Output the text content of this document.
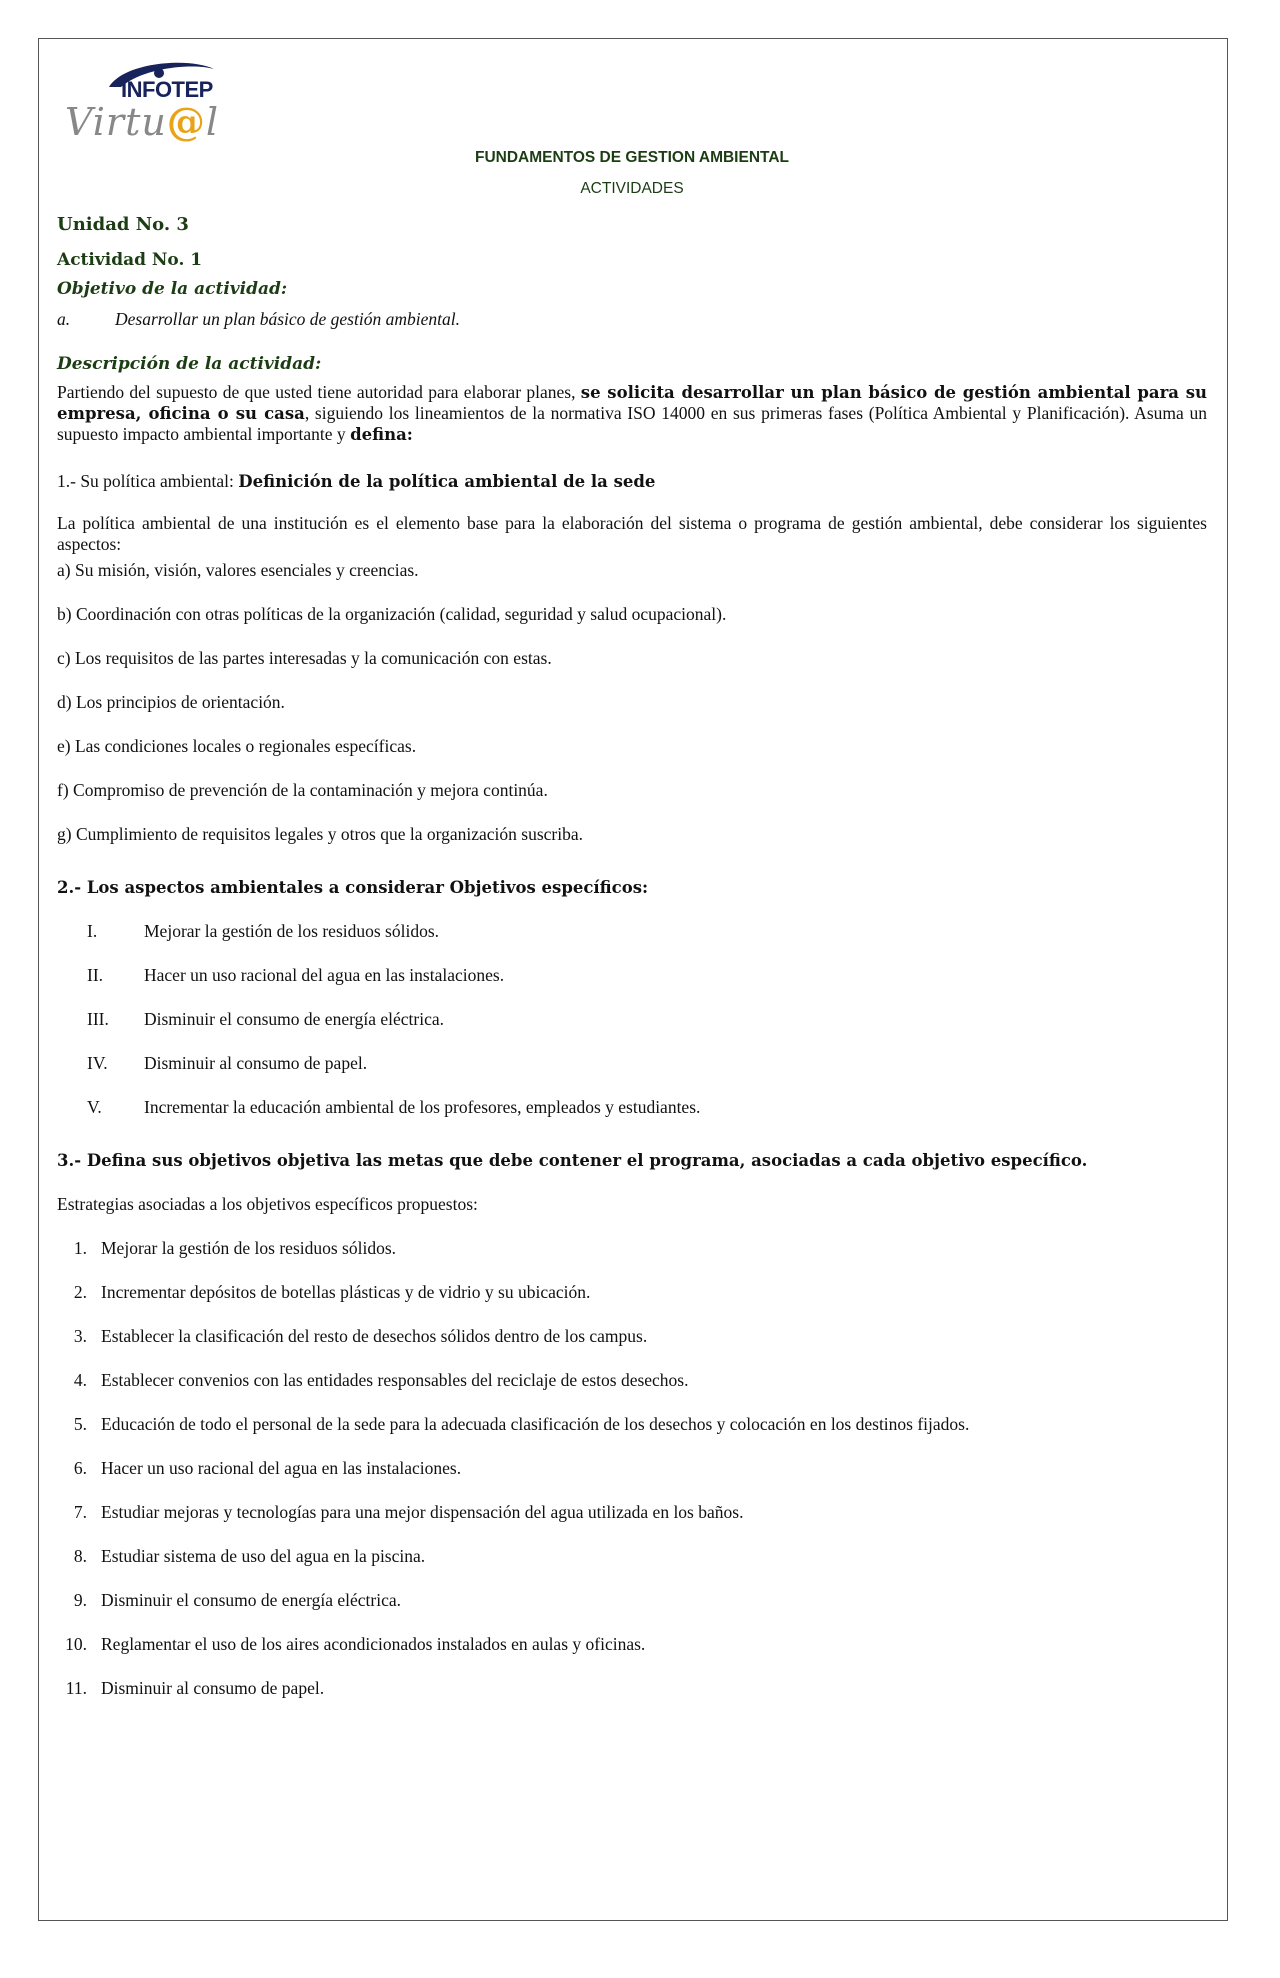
INFOTEP
Virtu@l
FUNDAMENTOS DE GESTION AMBIENTAL
ACTIVIDADES
Unidad No. 3
Actividad No. 1
Objetivo de la actividad:
a.	Desarrollar un plan básico de gestión ambiental.
Descripción de la actividad:
Partiendo del supuesto de que usted tiene autoridad para elaborar planes, se solicita desarrollar un plan básico de gestión ambiental para su empresa, oficina o su casa, siguiendo los lineamientos de la normativa ISO 14000 en sus primeras fases (Política Ambiental y Planificación). Asuma un supuesto impacto ambiental importante y defina:
1.- Su política ambiental: Definición de la política ambiental de la sede
La política ambiental de una institución es el elemento base para la elaboración del sistema o programa de gestión ambiental, debe considerar los siguientes aspectos:
a) Su misión, visión, valores esenciales y creencias.
b) Coordinación con otras políticas de la organización (calidad, seguridad y salud ocupacional).
c) Los requisitos de las partes interesadas y la comunicación con estas.
d) Los principios de orientación.
e) Las condiciones locales o regionales específicas.
f) Compromiso de prevención de la contaminación y mejora continúa.
g) Cumplimiento de requisitos legales y otros que la organización suscriba.
2.- Los aspectos ambientales a considerar Objetivos específicos:
I.	Mejorar la gestión de los residuos sólidos.
II.	Hacer un uso racional del agua en las instalaciones.
III.	Disminuir el consumo de energía eléctrica.
IV.	Disminuir al consumo de papel.
V.	Incrementar la educación ambiental de los profesores, empleados y estudiantes.
3.- Defina sus objetivos objetiva las metas que debe contener el programa, asociadas a cada objetivo específico.
Estrategias asociadas a los objetivos específicos propuestos:
1. Mejorar la gestión de los residuos sólidos.
2. Incrementar depósitos de botellas plásticas y de vidrio y su ubicación.
3. Establecer la clasificación del resto de desechos sólidos dentro de los campus.
4. Establecer convenios con las entidades responsables del reciclaje de estos desechos.
5. Educación de todo el personal de la sede para la adecuada clasificación de los desechos y colocación en los destinos fijados.
6. Hacer un uso racional del agua en las instalaciones.
7. Estudiar mejoras y tecnologías para una mejor dispensación del agua utilizada en los baños.
8. Estudiar sistema de uso del agua en la piscina.
9. Disminuir el consumo de energía eléctrica.
10. Reglamentar el uso de los aires acondicionados instalados en aulas y oficinas.
11. Disminuir al consumo de papel.
